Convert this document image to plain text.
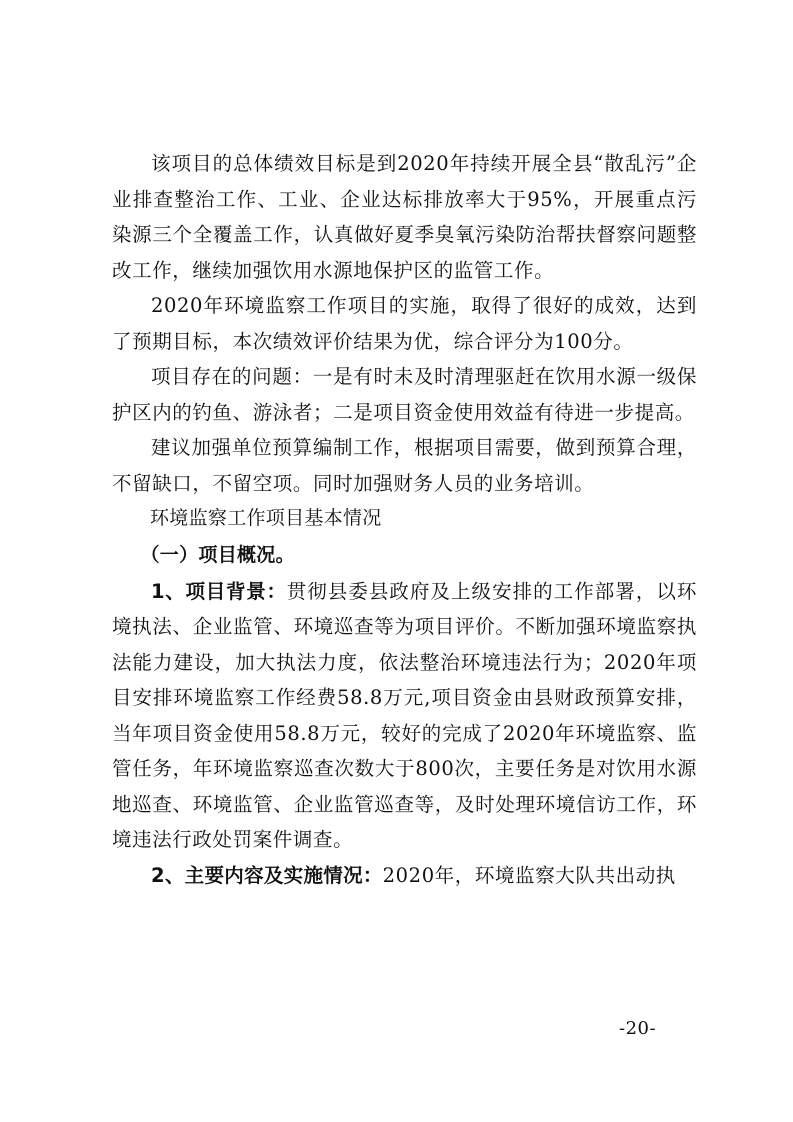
该项目的总体绩效目标是到2020年持续开展全县“散乱污”企业排查整治工作、工业、企业达标排放率大于95%，开展重点污染源三个全覆盖工作，认真做好夏季臭氧污染防治帮扶督察问题整改工作，继续加强饮用水源地保护区的监管工作。

2020年环境监察工作项目的实施，取得了很好的成效，达到了预期目标，本次绩效评价结果为优，综合评分为100分。

项目存在的问题：一是有时未及时清理驱赶在饮用水源一级保护区内的钓鱼、游泳者；二是项目资金使用效益有待进一步提高。

建议加强单位预算编制工作，根据项目需要，做到预算合理，不留缺口，不留空项。同时加强财务人员的业务培训。

环境监察工作项目基本情况

（一）项目概况。

1、项目背景：贯彻县委县政府及上级安排的工作部署，以环境执法、企业监管、环境巡查等为项目评价。不断加强环境监察执法能力建设，加大执法力度，依法整治环境违法行为；2020年项目安排环境监察工作经费58.8万元,项目资金由县财政预算安排，当年项目资金使用58.8万元，较好的完成了2020年环境监察、监管任务，年环境监察巡查次数大于800次，主要任务是对饮用水源地巡查、环境监管、企业监管巡查等，及时处理环境信访工作，环境违法行政处罚案件调查。

2、主要内容及实施情况：2020年，环境监察大队共出动执

-20-
